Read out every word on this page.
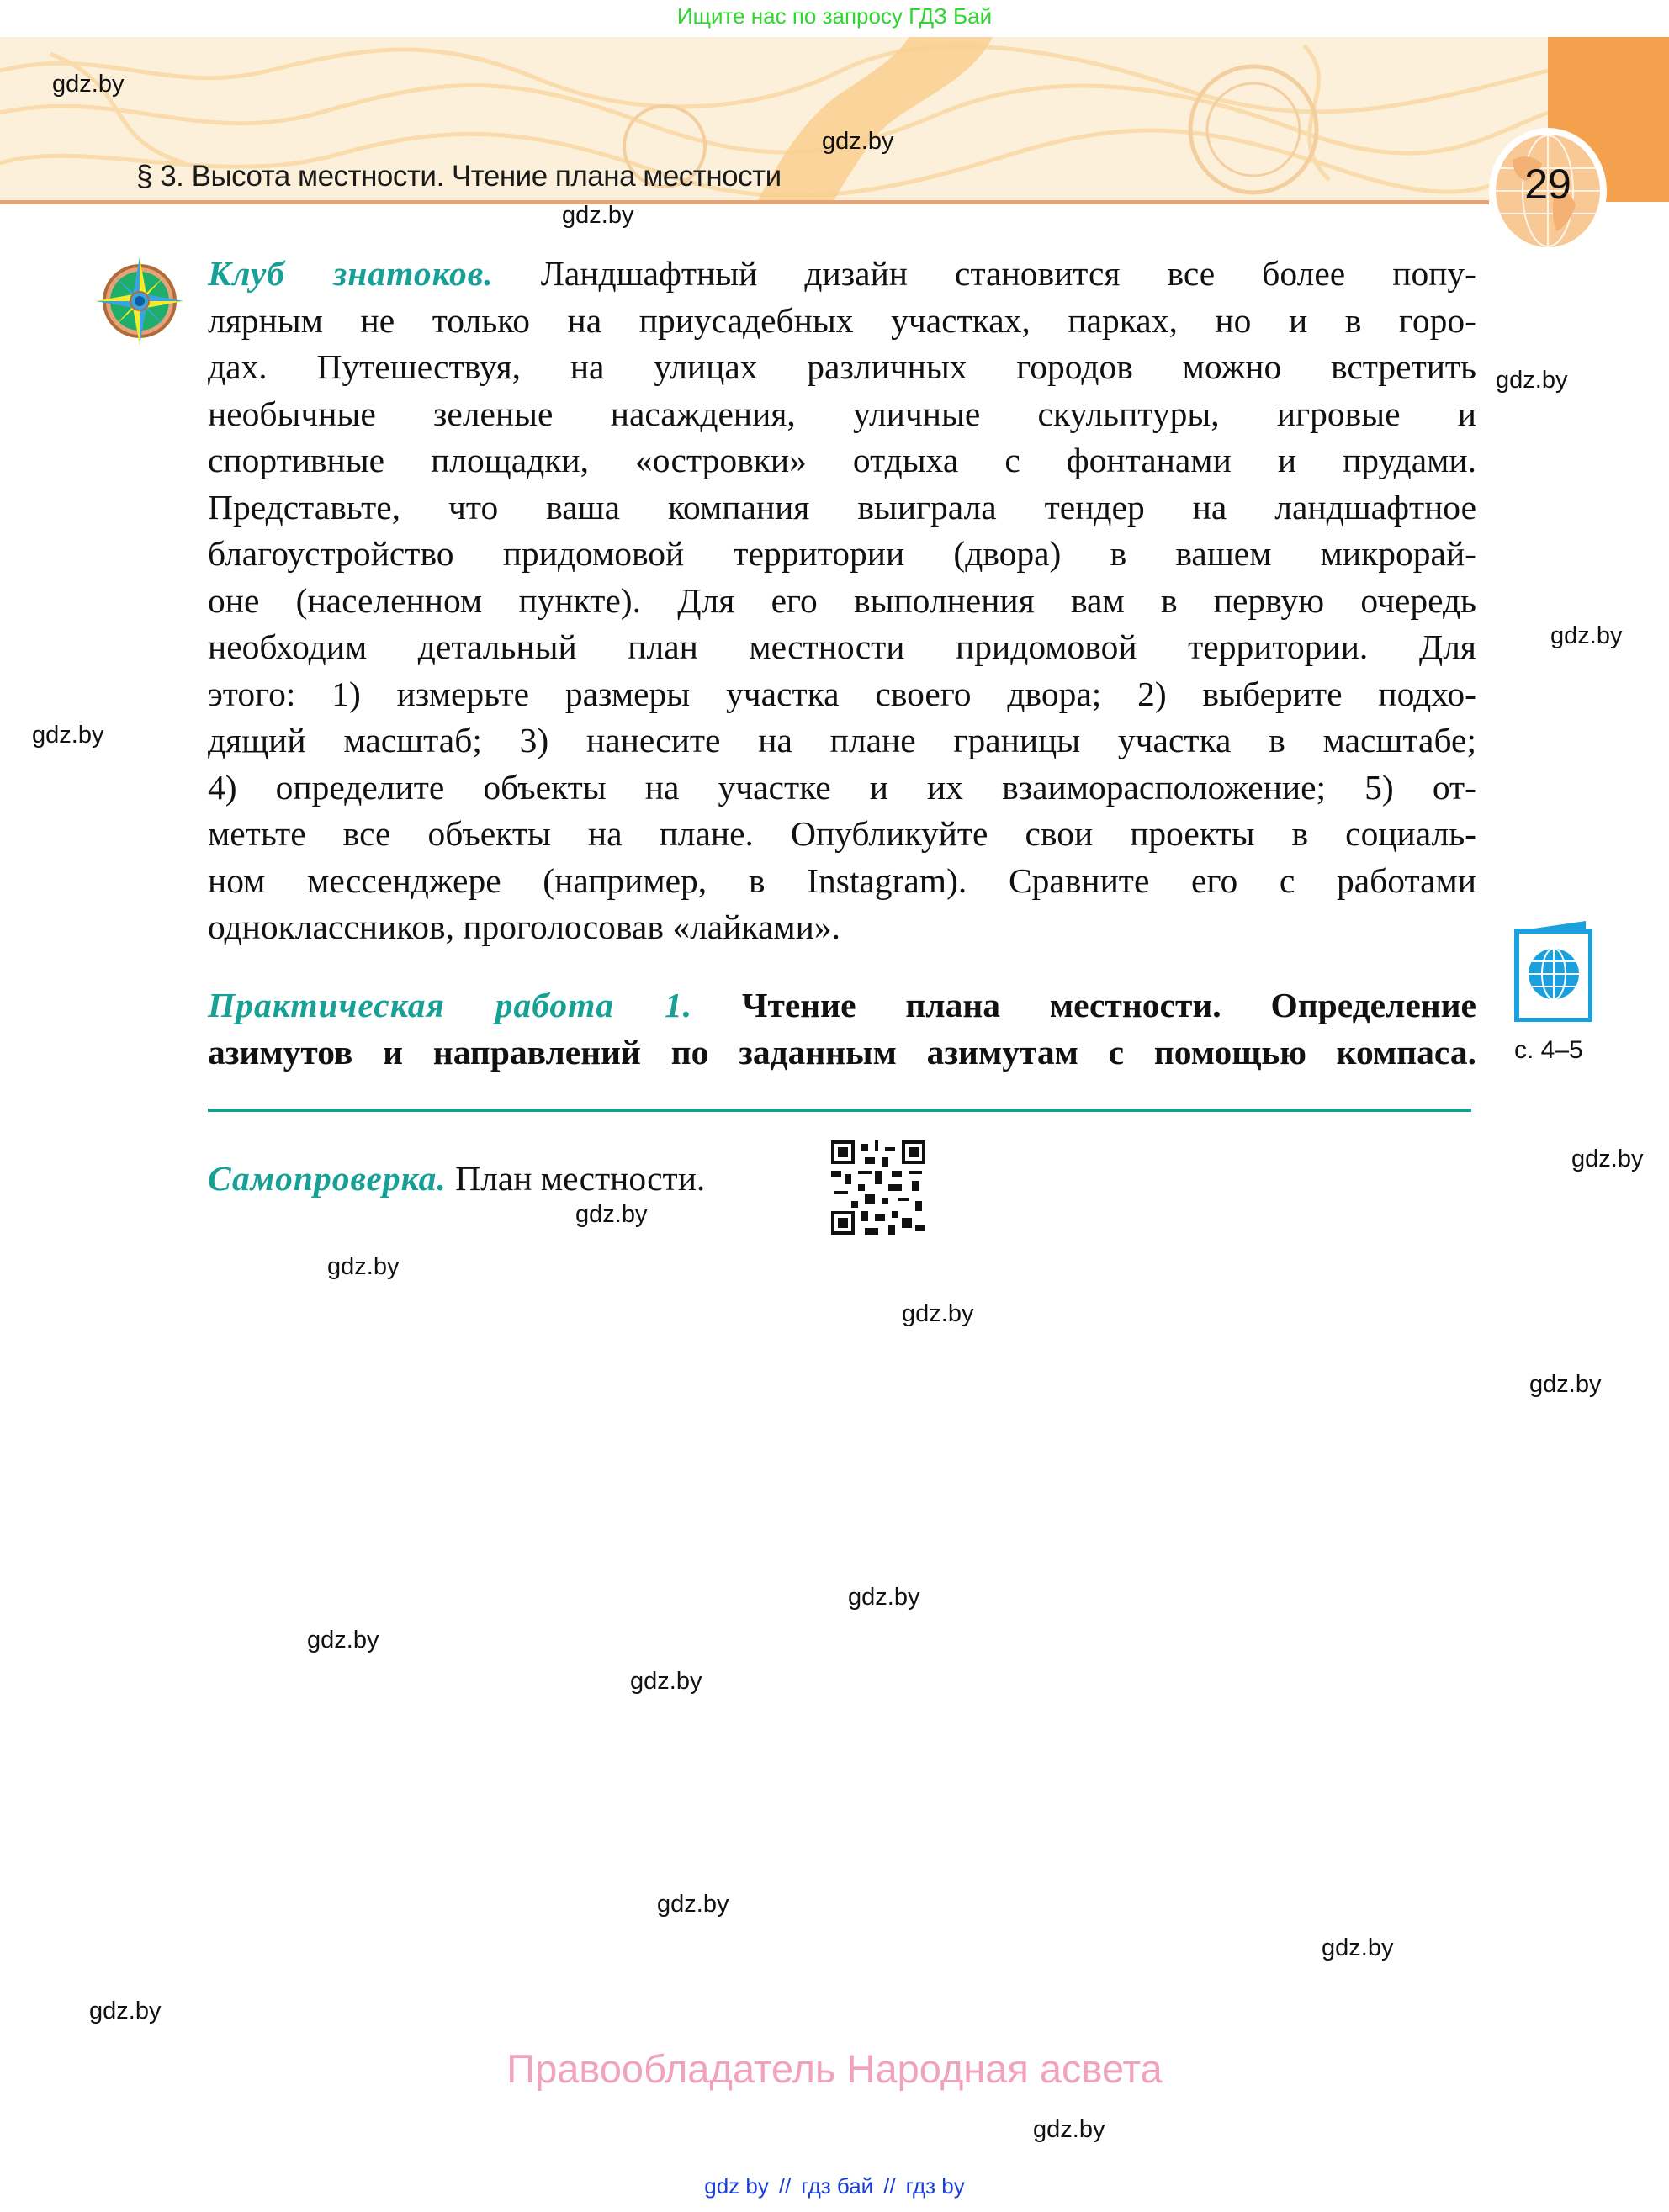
Ищите нас по запросу ГДЗ Бай
29
§ 3. Высота местности. Чтение плана местности
Клуб знатоков. Ландшафтный дизайн становится все более попу-
лярным не только на приусадебных участках, парках, но и в горо-
дах. Путешествуя, на улицах различных городов можно встретить
необычные зеленые насаждения, уличные скульптуры, игровые и
спортивные площадки, «островки» отдыха с фонтанами и прудами.
Представьте, что ваша компания выиграла тендер на ландшафтное
благоустройство придомовой территории (двора) в вашем микрорай-
оне (населенном пункте). Для его выполнения вам в первую очередь
необходим детальный план местности придомовой территории. Для
этого: 1) измерьте размеры участка своего двора; 2) выберите подхо-
дящий масштаб; 3) нанесите на плане границы участка в масштабе;
4) определите объекты на участке и их взаиморасположение; 5) от-
метьте все объекты на плане. Опубликуйте свои проекты в социаль-
ном мессенджере (например, в Instagram). Сравните его с работами
одноклассников, проголосовав «лайками».
Практическая работа 1. Чтение плана местности. Определение
азимутов и направлений по заданным азимутам с помощью компаса. с. 4–5
Самопроверка. План местности.
gdz.by
gdz.by
gdz.by
gdz.by
gdz.by
gdz.by
gdz.by
gdz.by
gdz.by
gdz.by
gdz.by
gdz.by
gdz.by
gdz.by
gdz.by
gdz.by
gdz.by
gdz.by
Правообладатель Народная асвета
gdz by // гдз бай // гдз by
